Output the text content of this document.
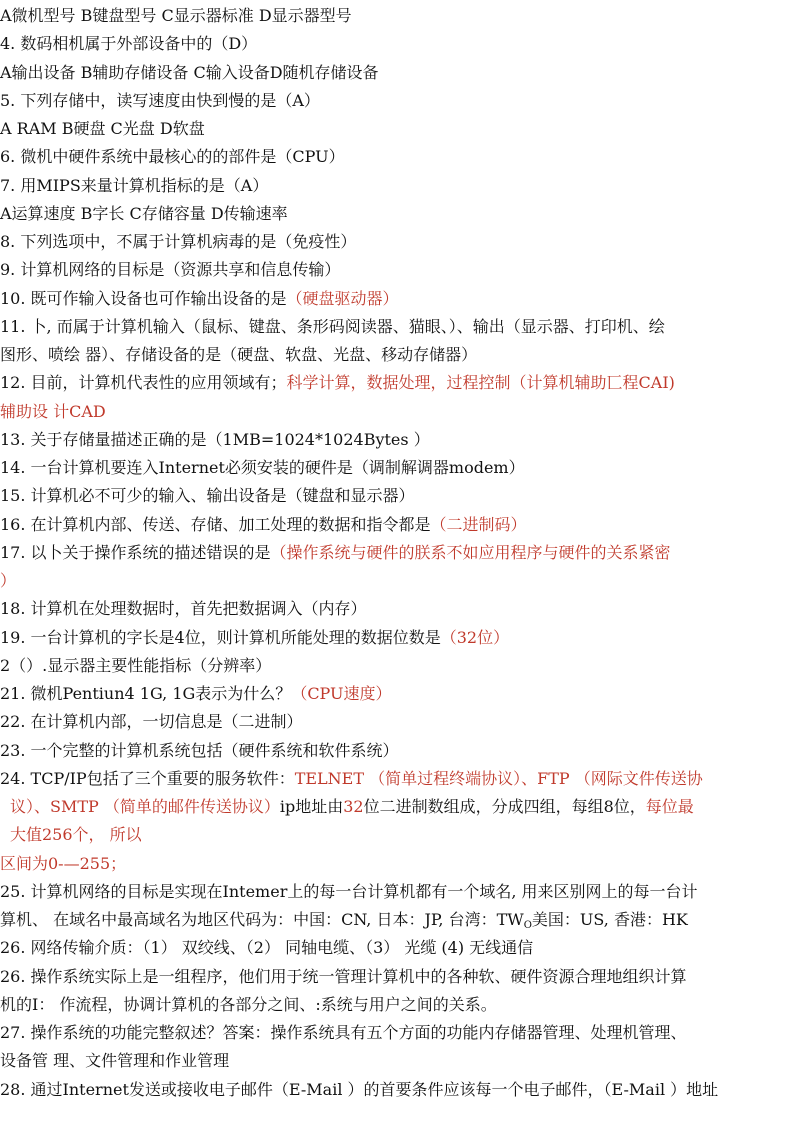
A微机型号 B键盘型号 C显示器标准 D显示器型号
4. 数码相机属于外部设备中的（D）
A输出设备 B辅助存储设备 C输入设备D随机存储设备
5. 下列存储中，读写速度由快到慢的是（A）
A RAM B硬盘 C光盘 D软盘
6. 微机中硬件系统中最核心的的部件是（CPU）
7. 用MIPS来量计算机指标的是（A）
A运算速度 B字长 C存储容量 D传输速率
8. 下列选项中，不属于计算机病毒的是（免疫性）
9. 计算机网络的目标是（资源共享和信息传输）
10. 既可作输入设备也可作输出设备的是（硬盘驱动器）
11. 卜, 而属于计算机输入（鼠标、键盘、条形码阅读器、猫眼、）、输出（显示器、打印机、绘
图形、喷绘 器）、存储设备的是（硬盘、软盘、光盘、移动存储器）
12. 目前，计算机代表性的应用领域有；科学计算，数据处理，过程控制（计算机辅助匸程CAI)
辅助设 计CAD
13. 关于存储量描述正确的是（1MB=1024*1024Bytes ）
14. 一台计算机要连入Internet必须安装的硬件是（调制解调器modem）
15. 计算机必不可少的输入、输出设备是（键盘和显示器）
16. 在计算机内部、传送、存储、加工处理的数据和指令都是（二进制码）
17. 以卜关于操作系统的描述错误的是（操作系统与硬件的朕系不如应用程序与硬件的关系紧密
）
18. 计算机在处理数据时，首先把数据调入（内存）
19. 一台计算机的字长是4位，则计算机所能处理的数据位数是（32位）
2（）.显示器主要性能指标（分辨率）
21. 微机Pentiun4 1G, 1G表示为什么？（CPU速度）
22. 在计算机内部，一切信息是（二进制）
23. 一个完整的计算机系统包括（硬件系统和软件系统）
24. TCP/IP包括了三个重要的服务软件：TELNET （简单过程终端协议）、FTP （网际文件传送协
议）、SMTP （简单的邮件传送协议）ip地址由32位二进制数组成，分成四组，每组8位，每位最
大值256个， 所以
区间为0-—255；
25. 计算机网络的目标是实现在Intemer上的每一台计算机都有一个域名, 用来区别网上的每一台计
算机、 在域名中最高域名为地区代码为：中国：CN, 日本：JP, 台湾：$TW_O$美国：US, 香港：HK
26. 网络传输介质：（1） 双绞线、（2） 同轴电缆、（3） 光缆 (4) 无线通信
26. 操作系统实际上是一组程序，他们用于统一管理计算机中的各种软、硬件资源合理地组织计算
机的I： 作流程，协调计算机的各部分之间、:系统与用户之间的关系。
27. 操作系统的功能完整叙述？答案：操作系统具有五个方面的功能内存储器管理、处理机管理、
设备管 理、文件管理和作业管理
28. 通过Internet发送或接收电子邮件（E-Mail ）的首要条件应该每一个电子邮件，（E-Mail ）地址
